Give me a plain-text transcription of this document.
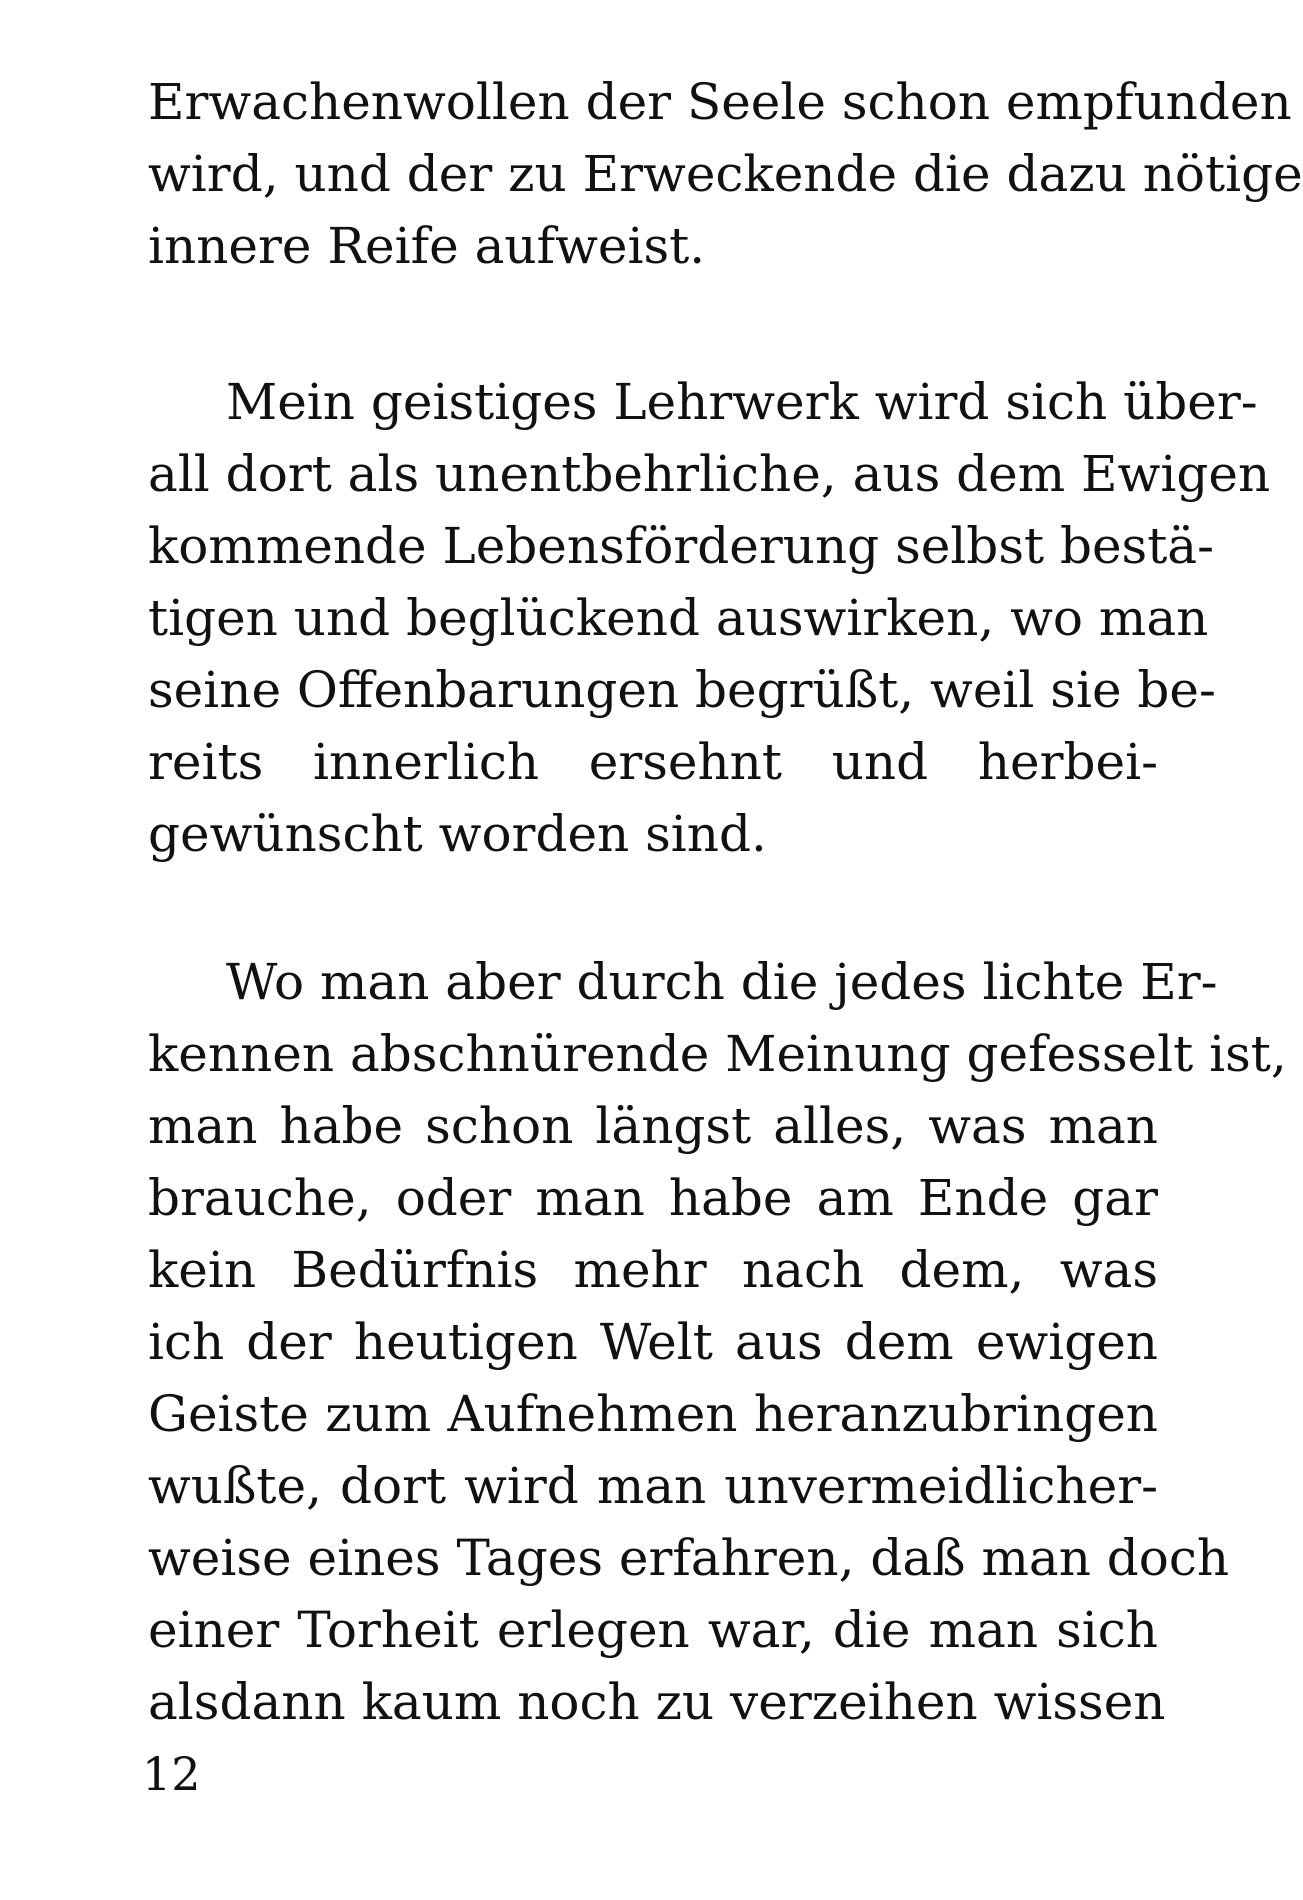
Erwachenwollen der Seele schon empfunden
wird, und der zu Erweckende die dazu nötige
innere Reife aufweist.
Mein geistiges Lehrwerk wird sich über-
all dort als unentbehrliche, aus dem Ewigen
kommende Lebensförderung selbst bestä-
tigen und beglückend auswirken, wo man
seine Offenbarungen begrüßt, weil sie be-
reits innerlich ersehnt und herbei-
gewünscht worden sind.
Wo man aber durch die jedes lichte Er-
kennen abschnürende Meinung gefesselt ist,
man habe schon längst alles, was man
brauche, oder man habe am Ende gar
kein Bedürfnis mehr nach dem, was
ich der heutigen Welt aus dem ewigen
Geiste zum Aufnehmen heranzubringen
wußte, dort wird man unvermeidlicher-
weise eines Tages erfahren, daß man doch
einer Torheit erlegen war, die man sich
alsdann kaum noch zu verzeihen wissen
12
